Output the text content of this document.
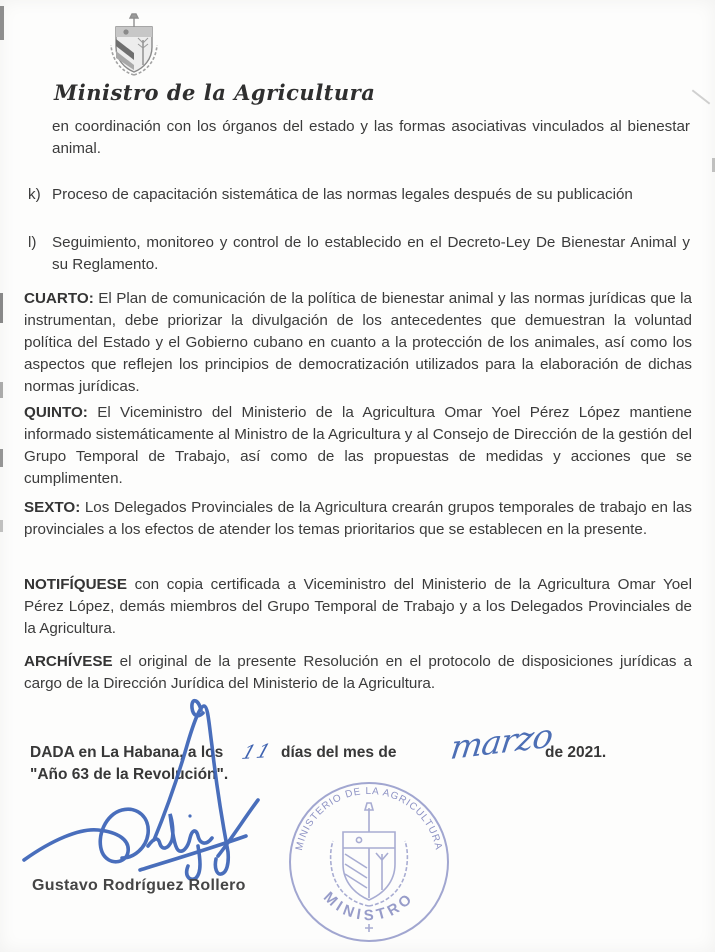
Ministro de la Agricultura
en coordinación con los órganos del estado y las formas asociativas vinculados al bienestar animal.
k) Proceso de capacitación sistemática de las normas legales después de su publicación
l)	Seguimiento, monitoreo y control de lo establecido en el Decreto-Ley De Bienestar Animal y su Reglamento.
CUARTO: El Plan de comunicación de la política de bienestar animal y las normas jurídicas que la instrumentan, debe priorizar la divulgación de los antecedentes que demuestran la voluntad política del Estado y el Gobierno cubano en cuanto a la protección de los animales, así como los aspectos que reflejen los principios de democratización utilizados para la elaboración de dichas normas jurídicas.
QUINTO: El Viceministro del Ministerio de la Agricultura Omar Yoel Pérez López mantiene informado sistemáticamente al Ministro de la Agricultura y al Consejo de Dirección de la gestión del Grupo Temporal de Trabajo, así como de las propuestas de medidas y acciones que se cumplimenten.
SEXTO: Los Delegados Provinciales de la Agricultura crearán grupos temporales de trabajo en las provinciales a los efectos de atender los temas prioritarios que se establecen en la presente.
NOTIFÍQUESE con copia certificada a Viceministro del Ministerio de la Agricultura Omar Yoel Pérez López, demás miembros del Grupo Temporal de Trabajo y a los Delegados Provinciales de la Agricultura.
ARCHÍVESE el original de la presente Resolución en el protocolo de disposiciones jurídicas a cargo de la Dirección Jurídica del Ministerio de la Agricultura.
DADA en La Habana, a los 11 días del mes de marzo
de 2021.
"Año 63 de la Revolución".
Gustavo Rodríguez Rollero
MINISTERIO DE LA AGRICULTURA
MINISTRO
